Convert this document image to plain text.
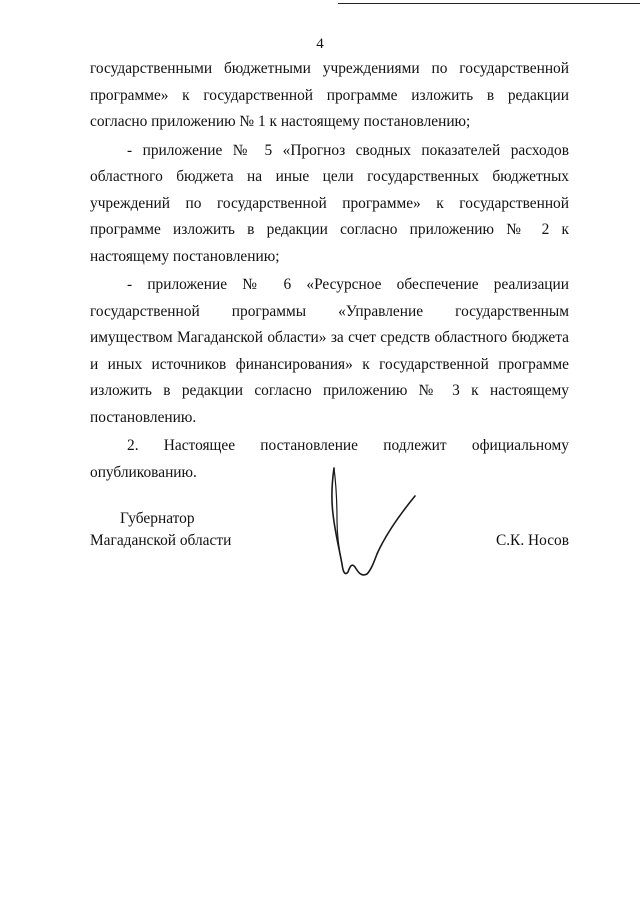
4

государственными бюджетными учреждениями по государственной программе» к государственной программе изложить в редакции согласно приложению № 1 к настоящему постановлению;

- приложение № 5 «Прогноз сводных показателей расходов областного бюджета на иные цели государственных бюджетных учреждений по государственной программе» к государственной программе изложить в редакции согласно приложению № 2 к настоящему постановлению;

- приложение № 6 «Ресурсное обеспечение реализации государственной программы «Управление государственным имуществом Магаданской области» за счет средств областного бюджета и иных источников финансирования» к государственной программе изложить в редакции согласно приложению № 3 к настоящему постановлению.

2. Настоящее постановление подлежит официальному опубликованию.

Губернатор
Магаданской области	С.К. Носов
